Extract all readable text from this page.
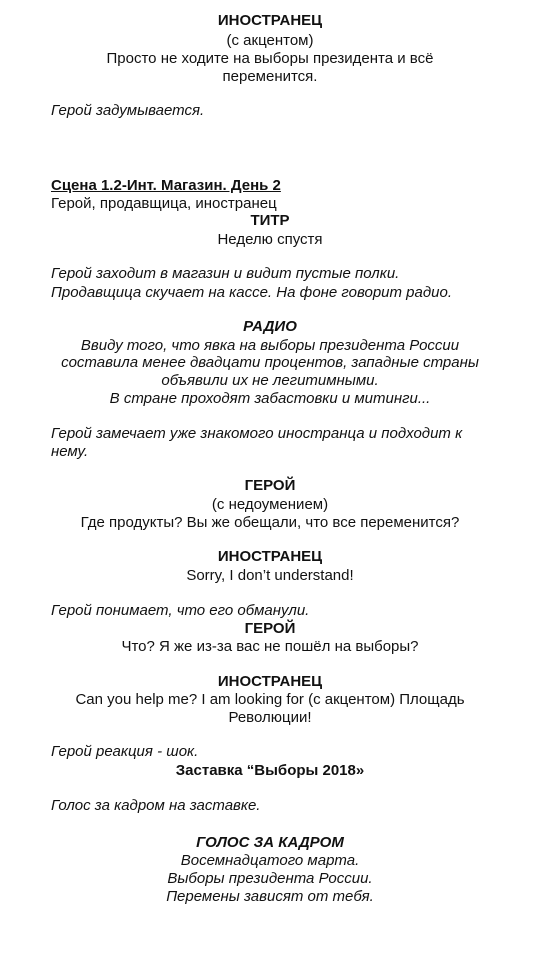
ИНОСТРАНЕЦ
(с акцентом)
Просто не ходите на выборы президента и всё
переменится.
Герой задумывается.
Сцена 1.2-Инт. Магазин. День 2
Герой, продавщица, иностранец
ТИТР
Неделю спустя
Герой заходит в магазин и видит пустые полки.
Продавщица скучает на кассе. На фоне говорит радио.
РАДИО
Ввиду того, что явка на выборы президента России
составила менее двадцати процентов, западные страны
объявили их не легитимными.
В стране проходят забастовки и митинги...
Герой замечает уже знакомого иностранца и подходит к
нему.
ГЕРОЙ
(с недоумением)
Где продукты? Вы же обещали, что все переменится?
ИНОСТРАНЕЦ
Sorry, I don’t understand!
Герой понимает, что его обманули.
ГЕРОЙ
Что? Я же из-за вас не пошёл на выборы?
ИНОСТРАНЕЦ
Can you help me? I am looking for (с акцентом) Площадь
Революции!
Герой реакция - шок.
Заставка “Выборы 2018»
Голос за кадром на заставке.
ГОЛОС ЗА КАДРОМ
Восемнадцатого марта.
Выборы президента России.
Перемены зависят от тебя.
